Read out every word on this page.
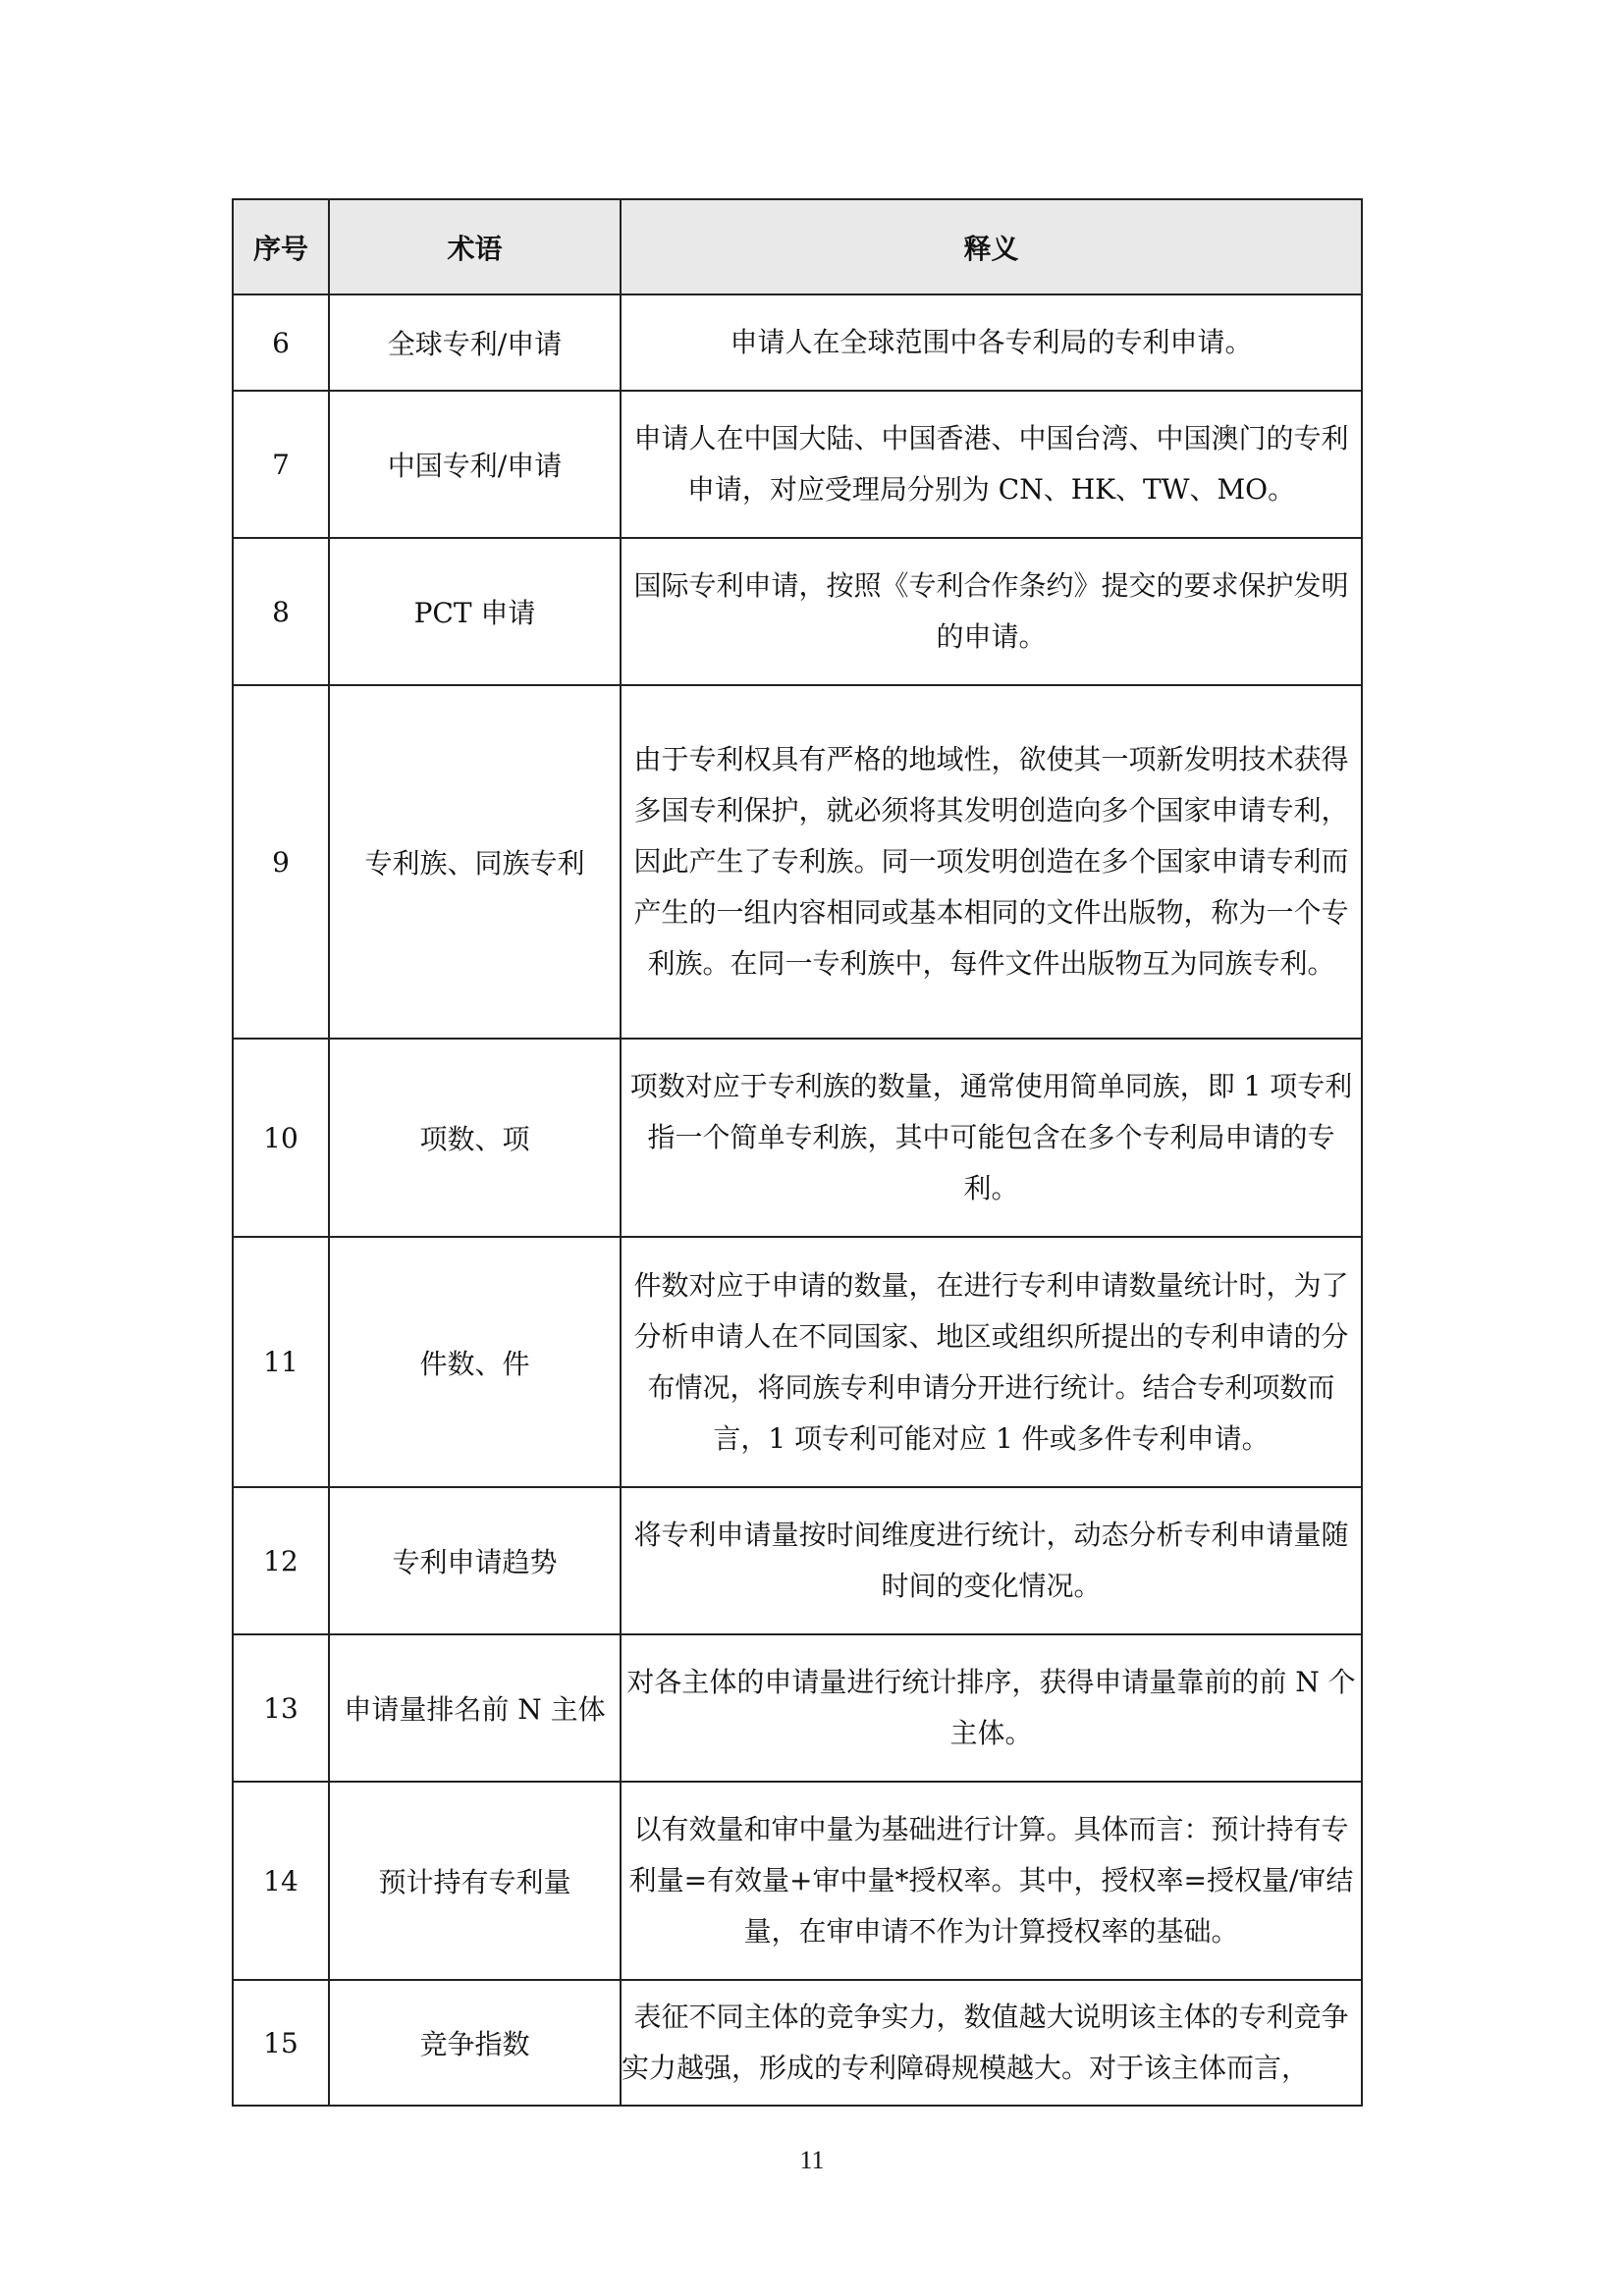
序号	术语	释义
6	全球专利/申请	申请人在全球范围中各专利局的专利申请。
7	中国专利/申请	申请人在中国大陆、中国香港、中国台湾、中国澳门的专利申请，对应受理局分别为 CN、HK、TW、MO。
8	PCT 申请	国际专利申请，按照《专利合作条约》提交的要求保护发明的申请。
9	专利族、同族专利	由于专利权具有严格的地域性，欲使其一项新发明技术获得多国专利保护，就必须将其发明创造向多个国家申请专利，因此产生了专利族。同一项发明创造在多个国家申请专利而产生的一组内容相同或基本相同的文件出版物，称为一个专利族。在同一专利族中，每件文件出版物互为同族专利。
10	项数、项	项数对应于专利族的数量，通常使用简单同族，即 1 项专利指一个简单专利族，其中可能包含在多个专利局申请的专利。
11	件数、件	件数对应于申请的数量，在进行专利申请数量统计时，为了分析申请人在不同国家、地区或组织所提出的专利申请的分布情况，将同族专利申请分开进行统计。结合专利项数而言，1 项专利可能对应 1 件或多件专利申请。
12	专利申请趋势	将专利申请量按时间维度进行统计，动态分析专利申请量随时间的变化情况。
13	申请量排名前 N 主体	对各主体的申请量进行统计排序，获得申请量靠前的前 N 个主体。
14	预计持有专利量	以有效量和审中量为基础进行计算。具体而言：预计持有专利量=有效量+审中量*授权率。其中，授权率=授权量/审结量，在审申请不作为计算授权率的基础。
15	竞争指数	表征不同主体的竞争实力，数值越大说明该主体的专利竞争实力越强，形成的专利障碍规模越大。对于该主体而言，
11
